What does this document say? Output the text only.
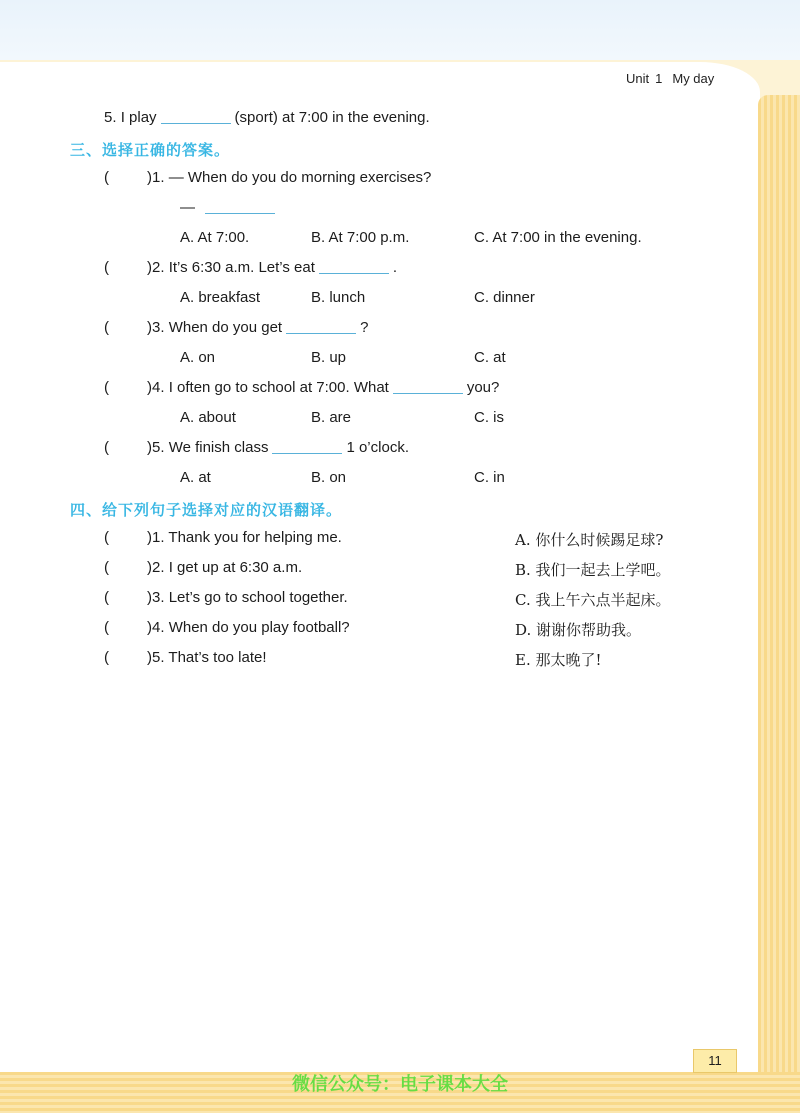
Unit 1 My day
5. I play	(sport) at 7:00 in the evening.
三、选择正确的答案。
(	)1. — When do you do morning exercises?
—
A. At 7:00.	B. At 7:00 p.m.	C. At 7:00 in the evening.
(	)2. It’s 6:30 a.m. Let’s eat	.
A. breakfast	B. lunch	C. dinner
(	)3. When do you get	?
A. on	B. up	C. at
(	)4. I often go to school at 7:00. What	you?
A. about	B. are	C. is
(	)5. We finish class	1 o’clock.
A. at	B. on	C. in
四、给下列句子选择对应的汉语翻译。
(	)1. Thank you for helping me.	A. 你什么时候踢足球?
(	)2. I get up at 6:30 a.m.	B. 我们一起去上学吧。
(	)3. Let’s go to school together.	C. 我上午六点半起床。
(	)4. When do you play football?	D. 谢谢你帮助我。
(	)5. That’s too late!	E. 那太晚了!
11
微信公众号：电子课本大全
